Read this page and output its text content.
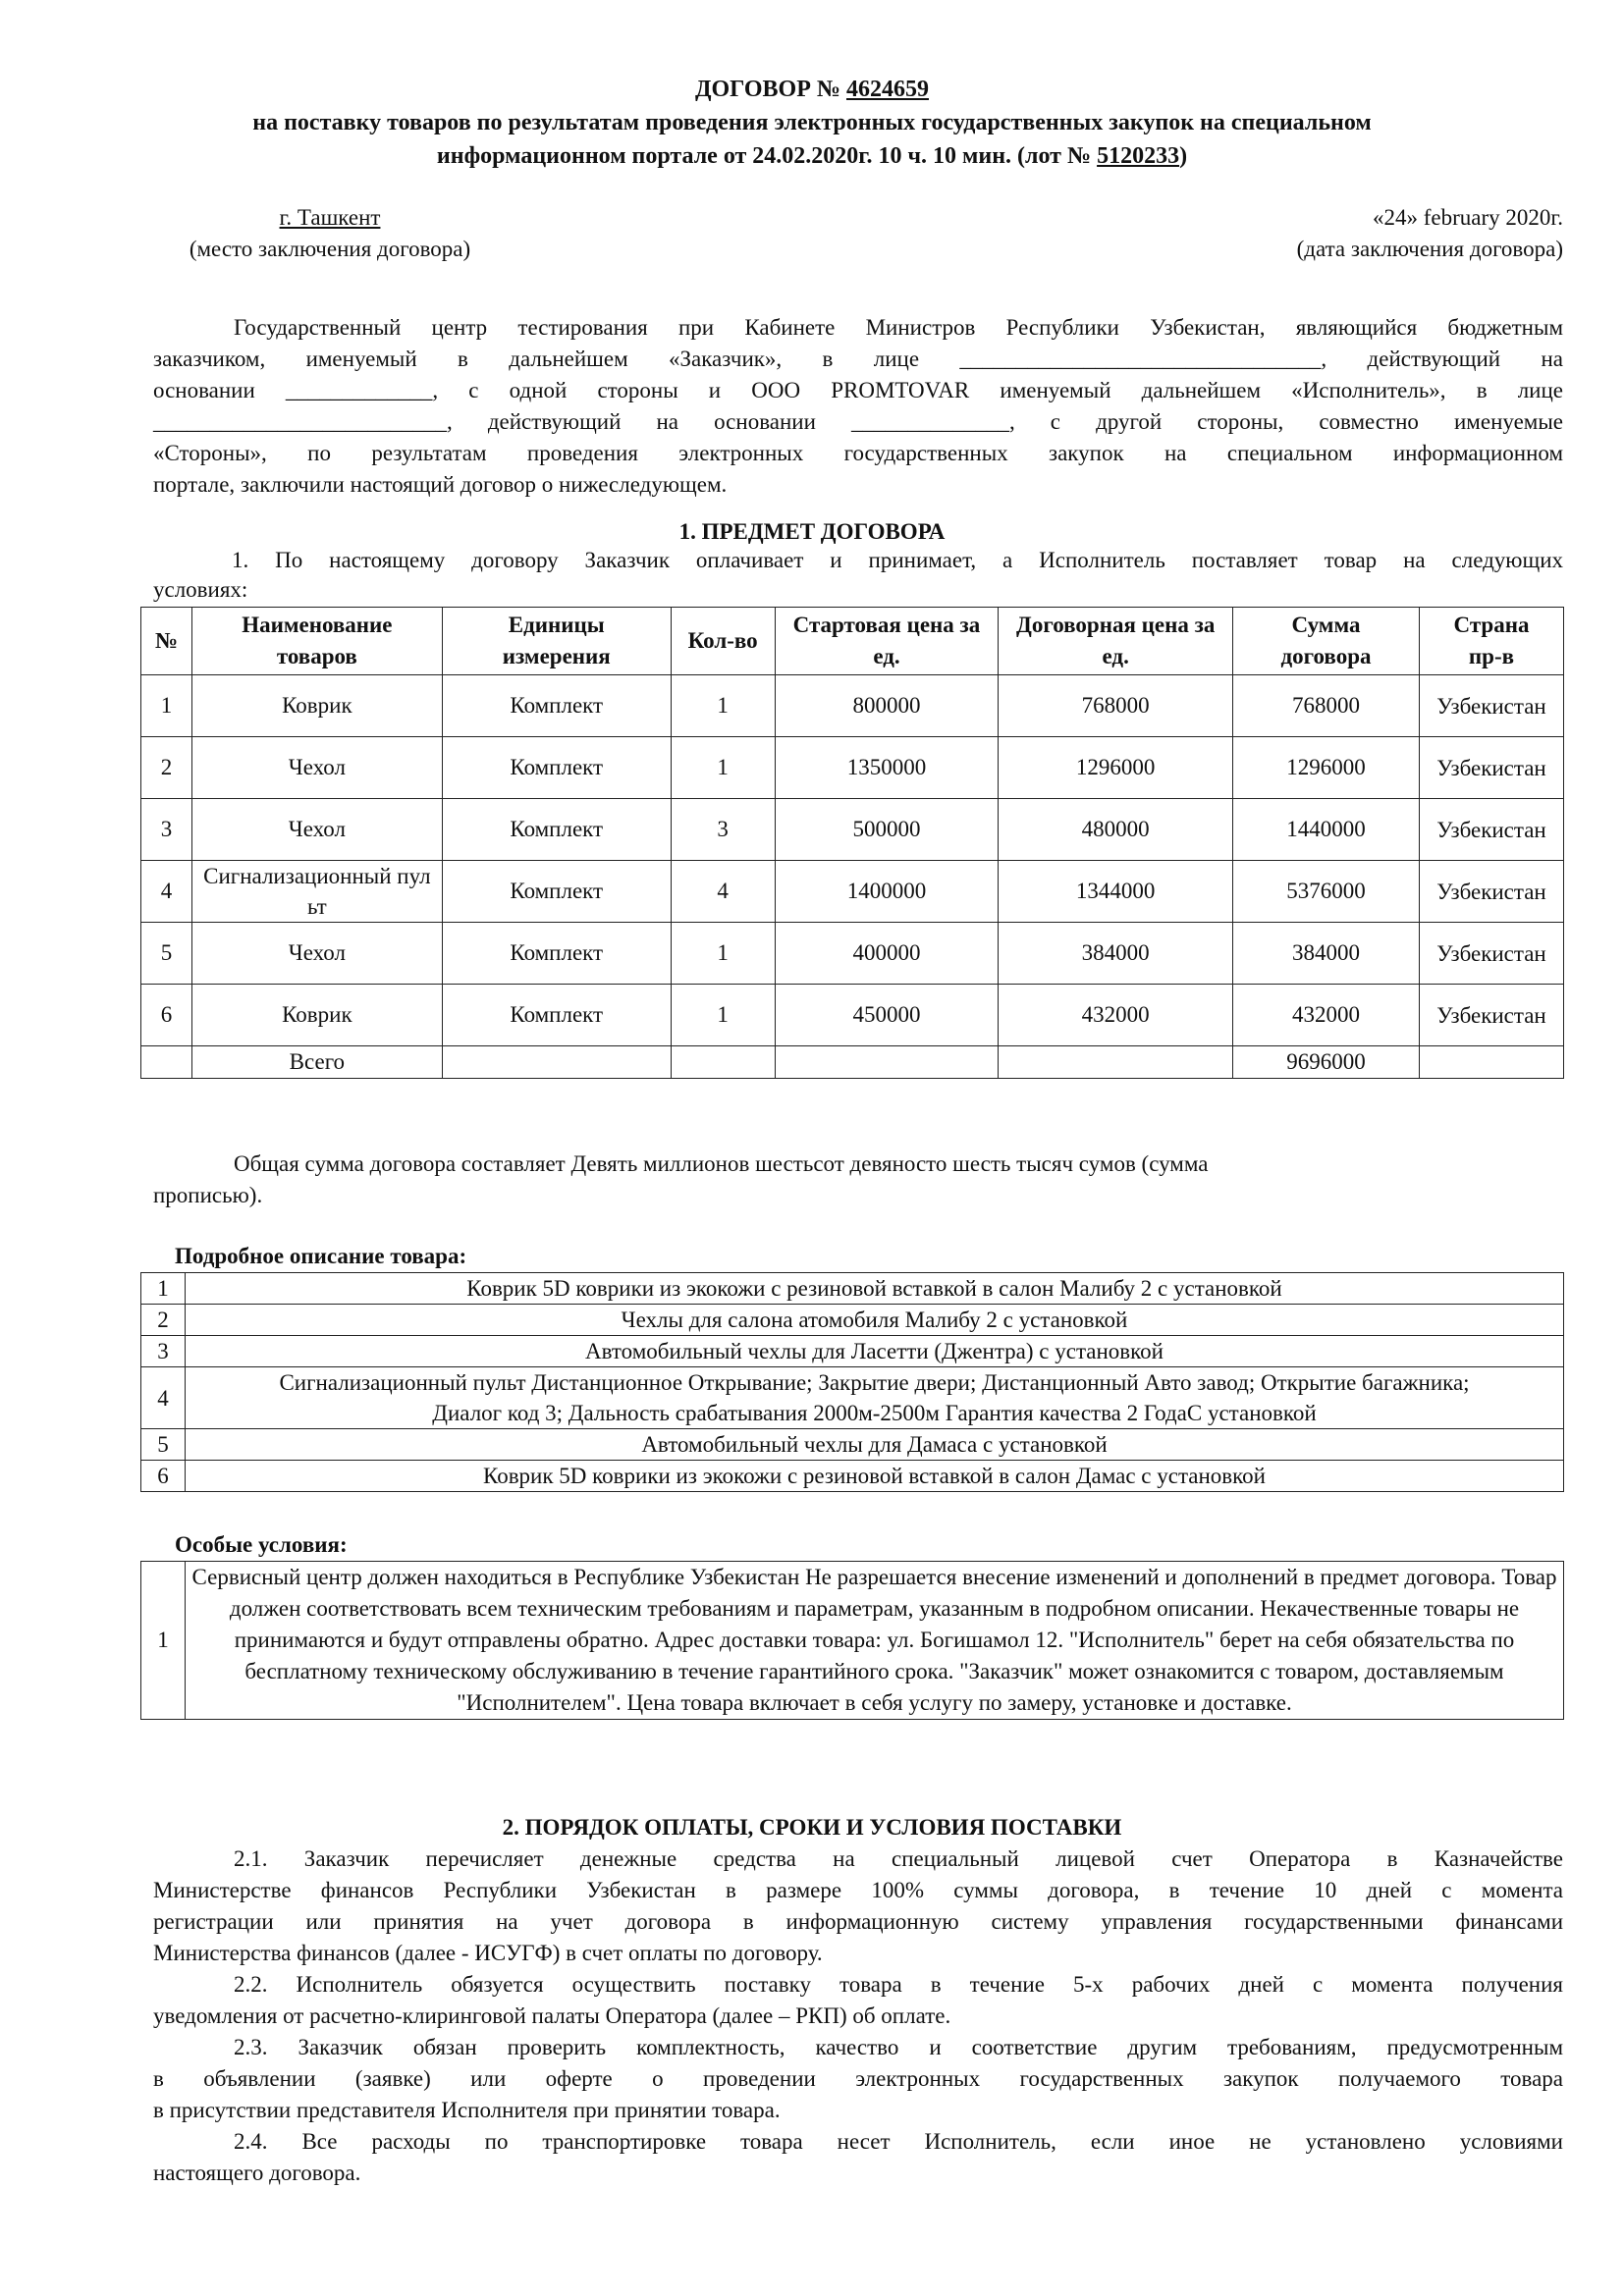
ДОГОВОР № 4624659
на поставку товаров по результатам проведения электронных государственных закупок на специальном
информационном портале от 24.02.2020г. 10 ч. 10 мин. (лот № 5120233)
г. Ташкент
(место заключения договора)
«24» february 2020г.
(дата заключения договора)
Государственный центр тестирования при Кабинете Министров Республики Узбекистан, являющийся бюджетным
заказчиком, именуемый в дальнейшем «Заказчик», в лице ________________________________, действующий на
основании _____________, с одной стороны и ООО PROMTOVAR именуемый дальнейшем «Исполнитель», в лице
__________________________, действующий на основании ______________, с другой стороны, совместно именуемые
«Стороны», по результатам проведения электронных государственных закупок на специальном информационном
портале, заключили настоящий договор о нижеследующем.
1. ПРЕДМЕТ ДОГОВОРА
1. По настоящему договору Заказчик оплачивает и принимает, а Исполнитель поставляет товар на следующих
условиях:
№	Наименование товаров	Единицы измерения	Кол-во	Стартовая цена за ед.	Договорная цена за ед.	Сумма договора	Страна пр-в
1	Коврик	Комплект	1	800000	768000	768000	Узбекистан
2	Чехол	Комплект	1	1350000	1296000	1296000	Узбекистан
3	Чехол	Комплект	3	500000	480000	1440000	Узбекистан
4	Сигнализационный пульт	Комплект	4	1400000	1344000	5376000	Узбекистан
5	Чехол	Комплект	1	400000	384000	384000	Узбекистан
6	Коврик	Комплект	1	450000	432000	432000	Узбекистан
	Всего					9696000	
Общая сумма договора составляет Девять миллионов шестьсот девяносто шесть тысяч сумов (сумма
прописью).
Подробное описание товара:
1	Коврик 5D коврики из экокожи с резиновой вставкой в салон Малибу 2 с установкой
2	Чехлы для салона атомобиля Малибу 2 с установкой
3	Автомобильный чехлы для Ласетти (Джентра) с установкой
4	Сигнализационный пульт Дистанционное Открывание; Закрытие двери; Дистанционный Авто завод; Открытие багажника; Диалог код 3; Дальность срабатывания 2000м-2500м Гарантия качества 2 ГодаС установкой
5	Автомобильный чехлы для Дамаса с установкой
6	Коврик 5D коврики из экокожи с резиновой вставкой в салон Дамас с установкой
Особые условия:
1	Сервисный центр должен находиться в Республике Узбекистан Не разрешается внесение изменений и дополнений в предмет договора. Товар должен соответствовать всем техническим требованиям и параметрам, указанным в подробном описании. Некачественные товары не принимаются и будут отправлены обратно. Адрес доставки товара: ул. Богишамол 12. "Исполнитель" берет на себя обязательства по бесплатному техническому обслуживанию в течение гарантийного срока. "Заказчик" может ознакомится с товаром, доставляемым "Исполнителем". Цена товара включает в себя услугу по замеру, установке и доставке.
2. ПОРЯДОК ОПЛАТЫ, СРОКИ И УСЛОВИЯ ПОСТАВКИ
2.1. Заказчик перечисляет денежные средства на специальный лицевой счет Оператора в Казначействе
Министерстве финансов Республики Узбекистан в размере 100% суммы договора, в течение 10 дней с момента
регистрации или принятия на учет договора в информационную систему управления государственными финансами
Министерства финансов (далее - ИСУГФ) в счет оплаты по договору.
2.2. Исполнитель обязуется осуществить поставку товара в течение 5-х рабочих дней с момента получения
уведомления от расчетно-клиринговой палаты Оператора (далее – РКП) об оплате.
2.3. Заказчик обязан проверить комплектность, качество и соответствие другим требованиям, предусмотренным
в объявлении (заявке) или оферте о проведении электронных государственных закупок получаемого товара
в присутствии представителя Исполнителя при принятии товара.
2.4. Все расходы по транспортировке товара несет Исполнитель, если иное не установлено условиями
настоящего договора.
